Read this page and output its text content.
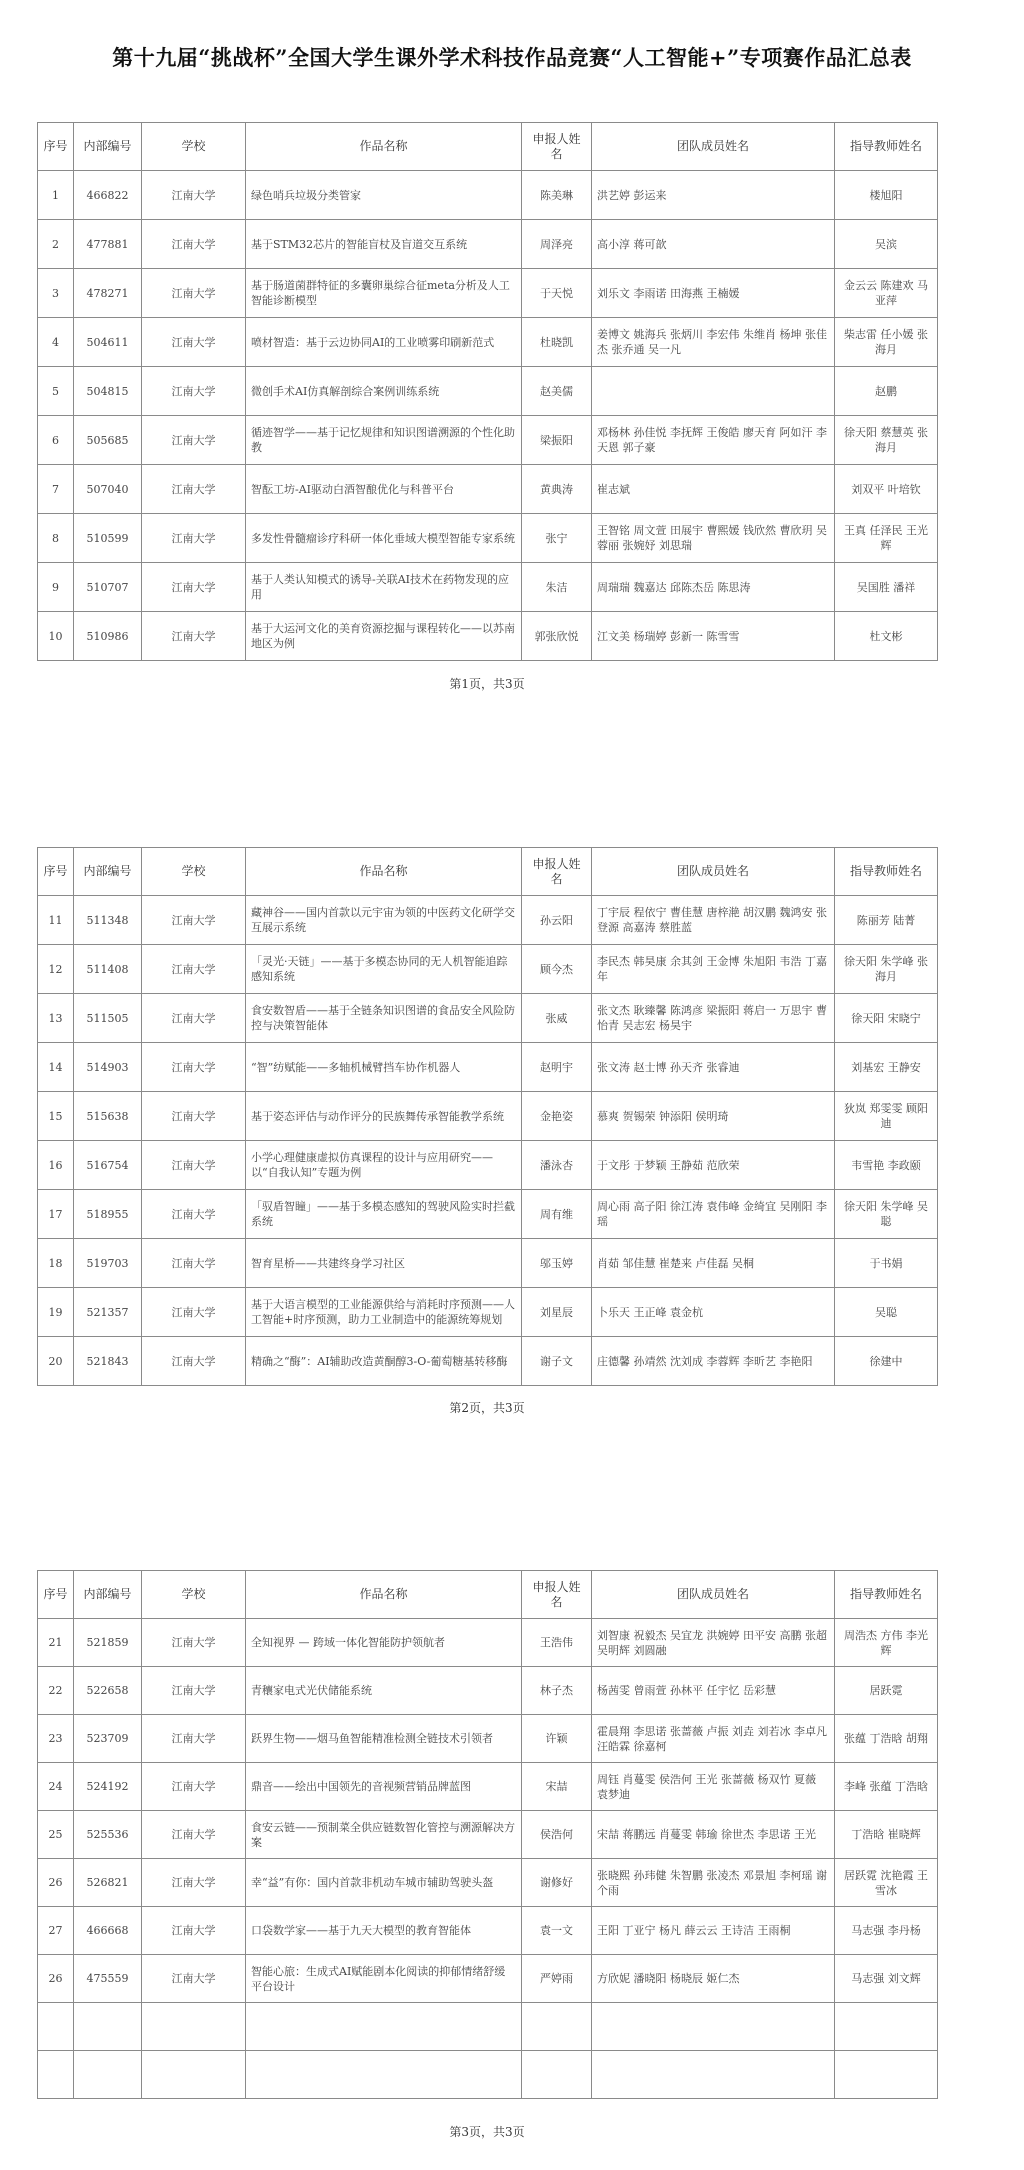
第十九届“挑战杯”全国大学生课外学术科技作品竞赛“人工智能+”专项赛作品汇总表
序号	内部编号	学校	作品名称	申报人姓名	团队成员姓名	指导教师姓名
1	466822	江南大学	绿色哨兵垃圾分类管家	陈美琳	洪艺婷 彭运来	楼旭阳
2	477881	江南大学	基于STM32芯片的智能盲杖及盲道交互系统	周泽亮	高小淳 蒋可歆	吴滨
3	478271	江南大学	基于肠道菌群特征的多囊卵巢综合征meta分析及人工智能诊断模型	于天悦	刘乐文 李雨诺 田海燕 王楠媛	金云云 陈建欢 马亚萍
4	504611	江南大学	喷材智造：基于云边协同AI的工业喷雾印刷新范式	杜晓凯	姜博文 姚海兵 张炳川 李宏伟 朱维肖 杨坤 张佳杰 张乔通 吴一凡	柴志雷 任小媛 张海月
5	504815	江南大学	微创手术AI仿真解剖综合案例训练系统	赵美儒		赵鹏
6	505685	江南大学	循迹智学——基于记忆规律和知识图谱溯源的个性化助教	梁振阳	邓杨林 孙佳悦 李抚辉 王俊皓 廖天育 阿如汗 李天恩 郭子豪	徐天阳 蔡慧英 张海月
7	507040	江南大学	智酝工坊-AI驱动白酒智酿优化与科普平台	黄典涛	崔志斌	刘双平 叶培钦
8	510599	江南大学	多发性骨髓瘤诊疗科研一体化垂域大模型智能专家系统	张宁	王智铭 周文萱 田展宇 曹熙媛 钱欣然 曹欣玥 吴蓉丽 张婉妤 刘思瑞	王真 任泽民 王光辉
9	510707	江南大学	基于人类认知模式的诱导-关联AI技术在药物发现的应用	朱洁	周瑞瑞 魏嘉达 邱陈杰岳 陈思涛	吴国胜 潘祥
10	510986	江南大学	基于大运河文化的美育资源挖掘与课程转化——以苏南地区为例	郭张欣悦	江文美 杨瑞婷 彭新一 陈雪雪	杜文彬
第1页，共3页
序号	内部编号	学校	作品名称	申报人姓名	团队成员姓名	指导教师姓名
11	511348	江南大学	藏神谷——国内首款以元宇宙为领的中医药文化研学交互展示系统	孙云阳	丁宇辰 程依宁 曹佳慧 唐梓滟 胡汉鹏 魏鸿安 张登源 高嘉涛 蔡胜蓝	陈丽芳 陆菁
12	511408	江南大学	「灵光·天链」——基于多模态协同的无人机智能追踪感知系统	顾今杰	李民杰 韩昊康 余其剑 王金博 朱旭阳 韦浩 丁嘉年	徐天阳 朱学峰 张海月
13	511505	江南大学	食安数智盾——基于全链条知识图谱的食品安全风险防控与决策智能体	张威	张文杰 耿臻馨 陈鸿彦 梁振阳 蒋启一 万思宇 曹怡青 吴志宏 杨昊宇	徐天阳 宋晓宁
14	514903	江南大学	“智”纺赋能——多轴机械臂挡车协作机器人	赵明宇	张文涛 赵士博 孙天齐 张睿迪	刘基宏 王静安
15	515638	江南大学	基于姿态评估与动作评分的民族舞传承智能教学系统	金艳姿	慕爽 贺锡荣 钟添阳 侯明琦	狄岚 郑雯雯 顾阳迪
16	516754	江南大学	小学心理健康虚拟仿真课程的设计与应用研究——以“自我认知”专题为例	潘泳杏	于文彤 于梦颖 王静茹 范欣荣	韦雪艳 李政颐
17	518955	江南大学	「驭盾智瞳」——基于多模态感知的驾驶风险实时拦截系统	周有维	周心雨 高子阳 徐江涛 袁伟峰 金绮宜 吴刚阳 李瑶	徐天阳 朱学峰 吴聪
18	519703	江南大学	智育星桥——共建终身学习社区	邬玉婷	肖茹 邹佳慧 崔楚来 卢佳磊 吴桐	于书娟
19	521357	江南大学	基于大语言模型的工业能源供给与消耗时序预测——人工智能+时序预测，助力工业制造中的能源统筹规划	刘星辰	卜乐天 王正峰 袁金杭	吴聪
20	521843	江南大学	精确之“酶”：AI辅助改造黄酮醇3-O-葡萄糖基转移酶	谢子文	庄德馨 孙靖然 沈刘成 李蓉辉 李昕艺 李艳阳	徐建中
第2页，共3页
序号	内部编号	学校	作品名称	申报人姓名	团队成员姓名	指导教师姓名
21	521859	江南大学	全知视界 — 跨域一体化智能防护领航者	王浩伟	刘智康 祝毅杰 吴宜龙 洪婉婷 田平安 高鹏 张超 吴明辉 刘圆融	周浩杰 方伟 李光辉
22	522658	江南大学	青穰家电式光伏储能系统	林子杰	杨茜雯 曾雨萱 孙林平 任宇忆 岳彩慧	居跃霓
23	523709	江南大学	跃界生物——烟马鱼智能精准检测全链技术引领者	许颖	霍晨翔 李思诺 张蔷薇 卢振 刘垚 刘若冰 李卓凡 汪皓霖 徐嘉柯	张蕴 丁浩晗 胡翔
24	524192	江南大学	鼎音——绘出中国领先的音视频营销品牌蓝图	宋喆	周钰 肖蔓雯 侯浩何 王光 张蔷薇 杨双竹 夏薇 袁梦迪	李峰 张蕴 丁浩晗
25	525536	江南大学	食安云链——预制菜全供应链数智化管控与溯源解决方案	侯浩何	宋喆 蒋鹏远 肖蔓雯 韩瑜 徐世杰 李思诺 王光	丁浩晗 崔晓辉
26	526821	江南大学	幸“益”有你：国内首款非机动车城市辅助驾驶头盔	谢修好	张晓熙 孙玮健 朱智鹏 张凌杰 邓景旭 李柯瑶 谢个雨	居跃霓 沈艳霞 王雪冰
27	466668	江南大学	口袋数学家——基于九天大模型的教育智能体	袁一文	王阳 丁亚宁 杨凡 薛云云 王诗洁 王雨桐	马志强 李丹杨
26	475559	江南大学	智能心旅：生成式AI赋能剧本化阅读的抑郁情绪舒缓平台设计	严婷雨	方欣妮 潘晓阳 杨晓辰 姬仁杰	马志强 刘文辉

第3页，共3页
